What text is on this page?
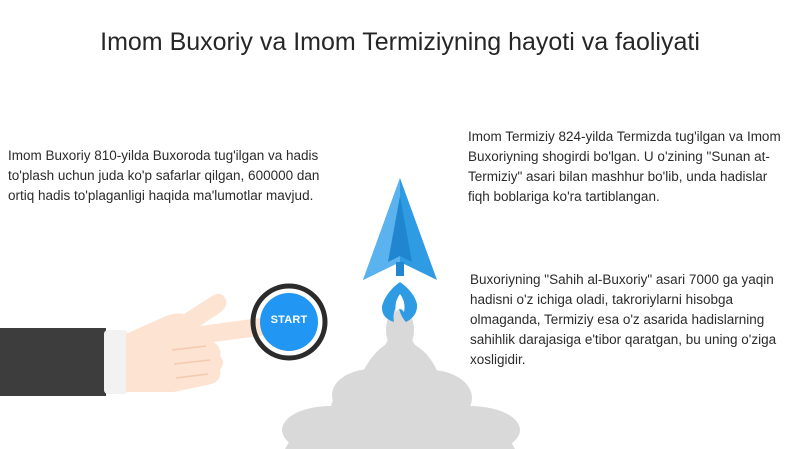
Imom Buxoriy va Imom Termiziyning hayoti va faoliyati
Imom Buxoriy 810-yilda Buxoroda tug'ilgan va hadis to'plash uchun juda ko'p safarlar qilgan, 600000 dan ortiq hadis to'plaganligi haqida ma'lumotlar mavjud.
Imom Termiziy 824-yilda Termizda tug'ilgan va Imom Buxoriyning shogirdi bo'lgan. U o'zining "Sunan at-Termiziy" asari bilan mashhur bo'lib, unda hadislar fiqh boblariga ko'ra tartiblangan.
Buxoriyning "Sahih al-Buxoriy" asari 7000 ga yaqin hadisni o'z ichiga oladi, takroriylarni hisobga olmaganda, Termiziy esa o'z asarida hadislarning sahihlik darajasiga e'tibor qaratgan, bu uning o'ziga xosligidir.
START
